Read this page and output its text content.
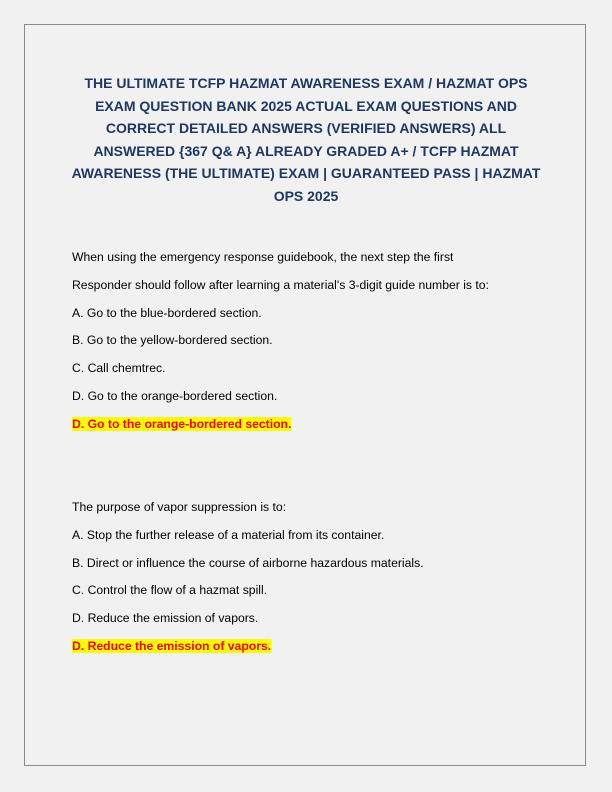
THE ULTIMATE TCFP HAZMAT AWARENESS EXAM / HAZMAT OPS EXAM QUESTION BANK 2025 ACTUAL EXAM QUESTIONS AND CORRECT DETAILED ANSWERS (VERIFIED ANSWERS) ALL ANSWERED {367 Q& A} ALREADY GRADED A+ / TCFP HAZMAT AWARENESS (THE ULTIMATE) EXAM | GUARANTEED PASS | HAZMAT OPS 2025

When using the emergency response guidebook, the next step the first

Responder should follow after learning a material's 3-digit guide number is to:

A. Go to the blue-bordered section.

B. Go to the yellow-bordered section.

C. Call chemtrec.

D. Go to the orange-bordered section.

D. Go to the orange-bordered section.

The purpose of vapor suppression is to:

A. Stop the further release of a material from its container.

B. Direct or influence the course of airborne hazardous materials.

C. Control the flow of a hazmat spill.

D. Reduce the emission of vapors.

D. Reduce the emission of vapors.
